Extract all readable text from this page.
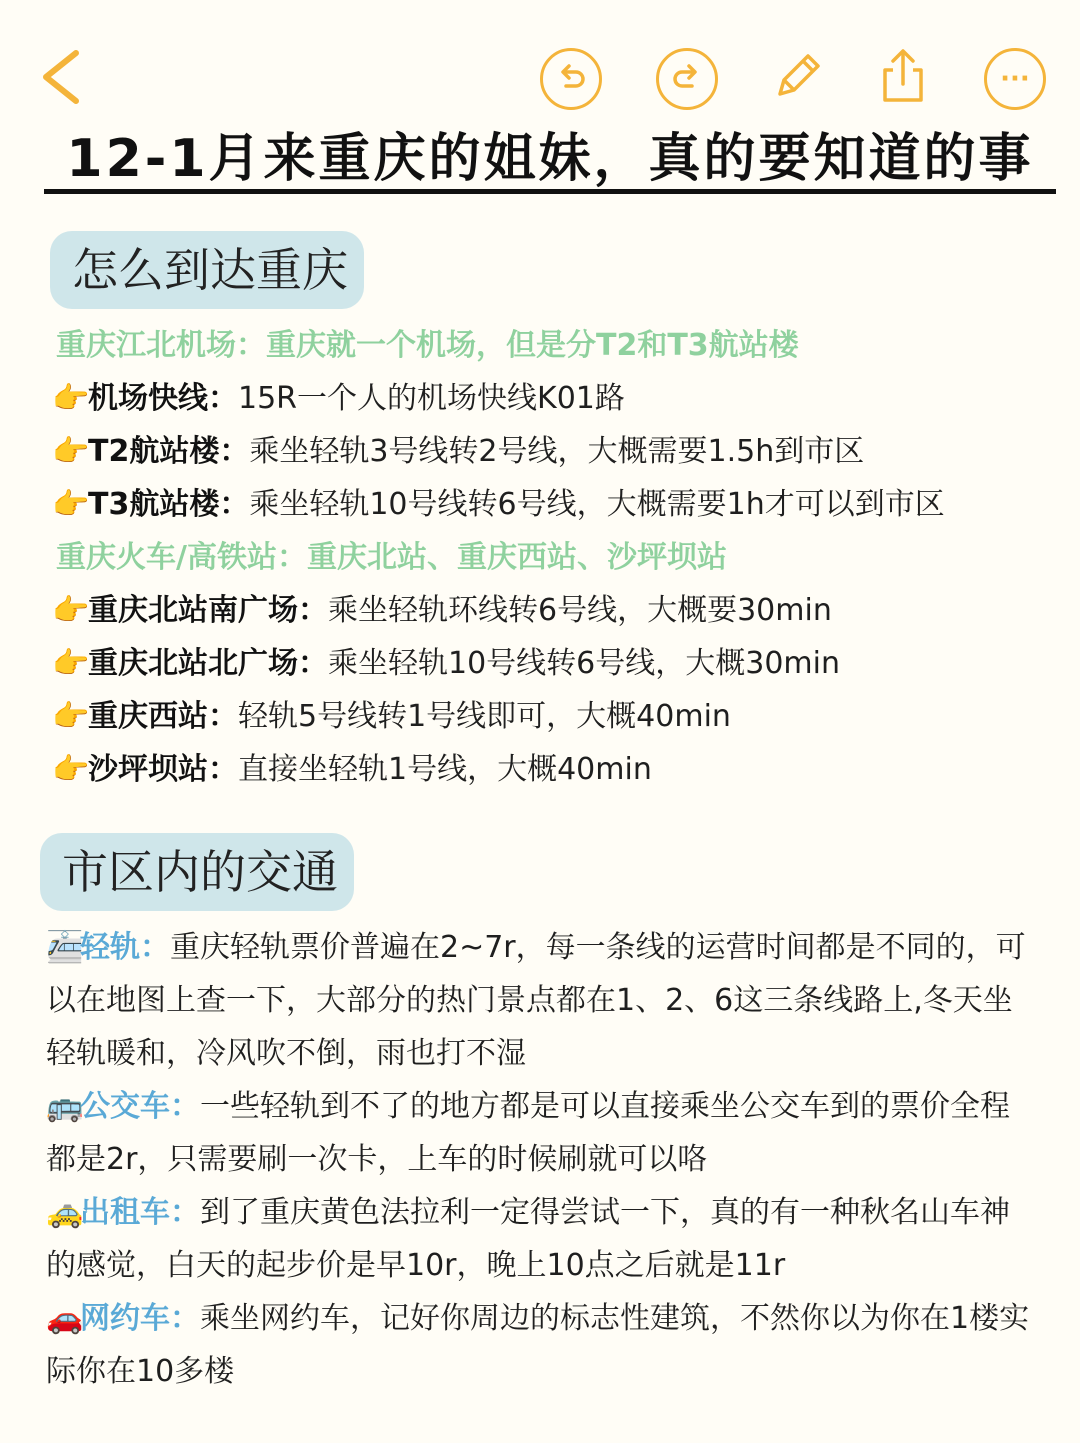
···
12-1月来重庆的姐妹，真的要知道的事
怎么到达重庆
重庆江北机场：重庆就一个机场，但是分T2和T3航站楼
👉机场快线：15R一个人的机场快线K01路
👉T2航站楼：乘坐轻轨3号线转2号线，大概需要1.5h到市区
👉T3航站楼：乘坐轻轨10号线转6号线，大概需要1h才可以到市区
重庆火车/高铁站：重庆北站、重庆西站、沙坪坝站
👉重庆北站南广场：乘坐轻轨环线转6号线，大概要30min
👉重庆北站北广场：乘坐轻轨10号线转6号线，大概30min
👉重庆西站：轻轨5号线转1号线即可，大概40min
👉沙坪坝站：直接坐轻轨1号线，大概40min
市区内的交通
🚈轻轨：重庆轻轨票价普遍在2~7r，每一条线的运营时间都是不同的，可以在地图上查一下，大部分的热门景点都在1、2、6这三条线路上,冬天坐轻轨暖和，冷风吹不倒，雨也打不湿
🚌公交车：一些轻轨到不了的地方都是可以直接乘坐公交车到的票价全程都是2r，只需要刷一次卡，上车的时候刷就可以咯
🚕出租车：到了重庆黄色法拉利一定得尝试一下，真的有一种秋名山车神的感觉，白天的起步价是早10r，晚上10点之后就是11r
🚗网约车：乘坐网约车，记好你周边的标志性建筑，不然你以为你在1楼实际你在10多楼
